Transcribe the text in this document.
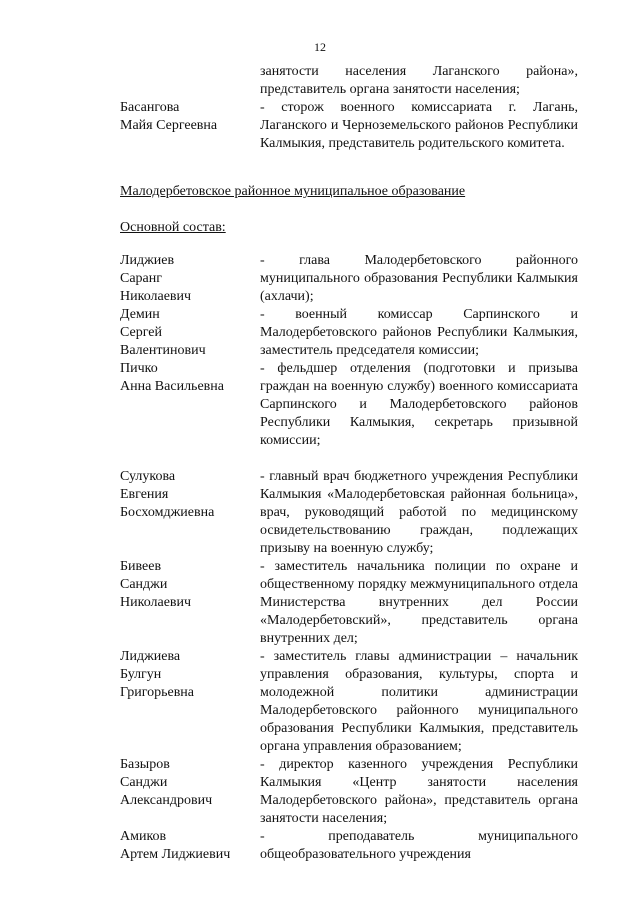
12
занятости населения Лаганского района», представитель органа занятости населения;
Басангова
Майя Сергеевна
- сторож военного комиссариата г. Лагань, Лаганского и Черноземельского районов Республики Калмыкия, представитель родительского комитета.
Малодербетовское районное муниципальное образование
Основной состав:
Лиджиев
Саранг
Николаевич
- глава Малодербетовского районного муниципального образования Республики Калмыкия (ахлачи);
Демин
Сергей
Валентинович
- военный комиссар Сарпинского и Малодербетовского районов Республики Калмыкия, заместитель председателя комиссии;
Пичко
Анна Васильевна
- фельдшер отделения (подготовки и призыва граждан на военную службу) военного комиссариата Сарпинского и Малодербетовского районов Республики Калмыкия, секретарь призывной комиссии;
Сулукова
Евгения
Босхомджиевна
- главный врач бюджетного учреждения Республики Калмыкия «Малодербетовская районная больница», врач, руководящий работой по медицинскому освидетельствованию граждан, подлежащих призыву на военную службу;
Бивеев
Санджи
Николаевич
- заместитель начальника полиции по охране и общественному порядку межмуниципального отдела Министерства внутренних дел России «Малодербетовский», представитель органа внутренних дел;
Лиджиева
Булгун
Григорьевна
- заместитель главы администрации – начальник управления образования, культуры, спорта и молодежной политики администрации Малодербетовского районного муниципального образования Республики Калмыкия, представитель органа управления образованием;
Базыров
Санджи
Александрович
- директор казенного учреждения Республики Калмыкия «Центр занятости населения Малодербетовского района», представитель органа занятости населения;
Амиков
Артем Лиджиевич
- преподаватель муниципального общеобразовательного учреждения
